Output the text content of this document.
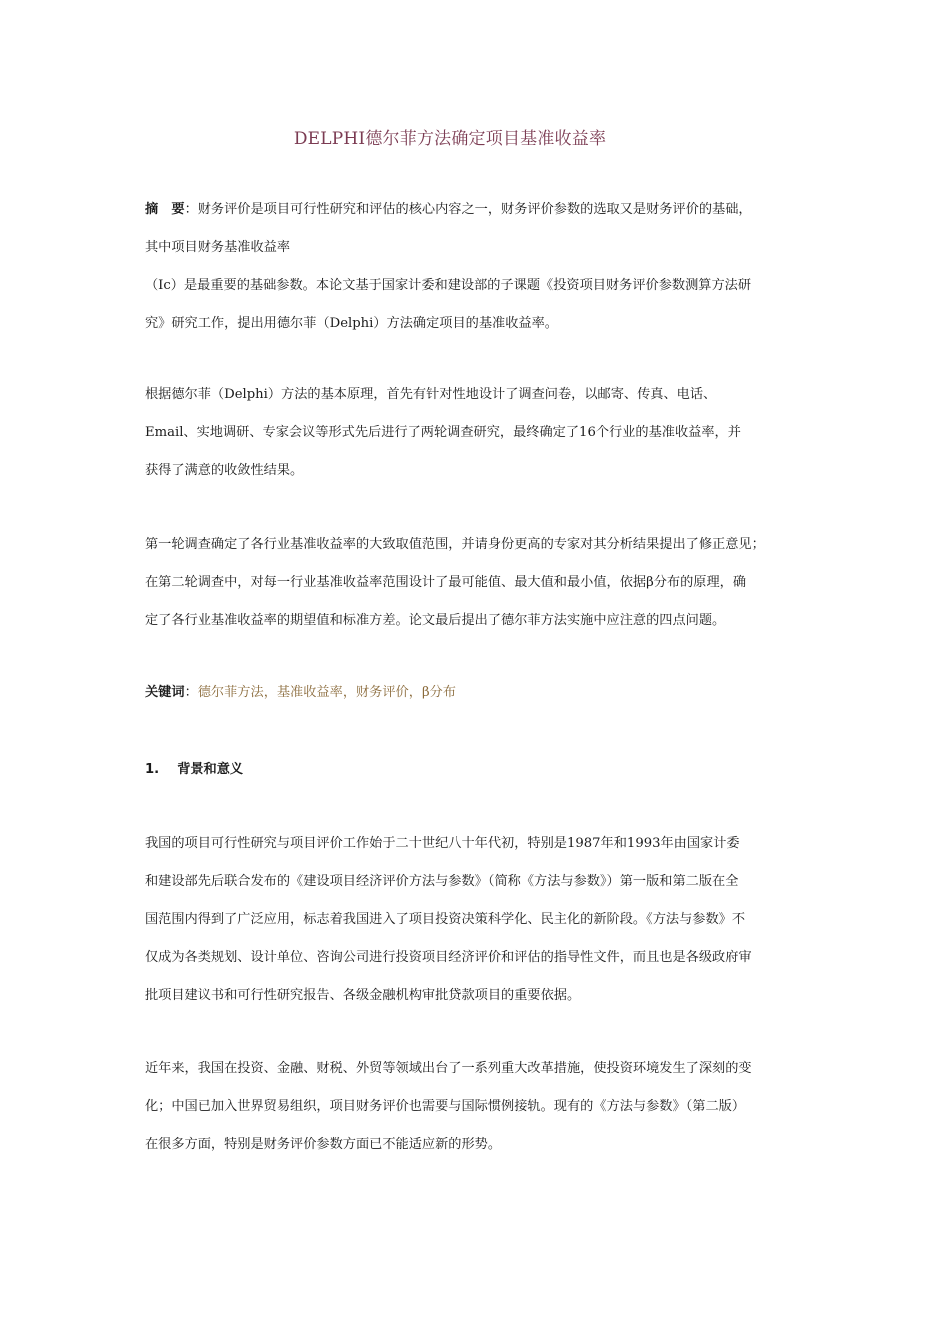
DELPHI德尔菲方法确定项目基准收益率

摘　要：财务评价是项目可行性研究和评估的核心内容之一，财务评价参数的选取又是财务评价的基础，

其中项目财务基准收益率

（Ic）是最重要的基础参数。本论文基于国家计委和建设部的子课题《投资项目财务评价参数测算方法研

究》研究工作，提出用德尔菲（Delphi）方法确定项目的基准收益率。

根据德尔菲（Delphi）方法的基本原理，首先有针对性地设计了调查问卷，以邮寄、传真、电话、

Email、实地调研、专家会议等形式先后进行了两轮调查研究，最终确定了16个行业的基准收益率，并

获得了满意的收敛性结果。

第一轮调查确定了各行业基准收益率的大致取值范围，并请身份更高的专家对其分析结果提出了修正意见；

在第二轮调查中，对每一行业基准收益率范围设计了最可能值、最大值和最小值，依据β分布的原理，确

定了各行业基准收益率的期望值和标准方差。论文最后提出了德尔菲方法实施中应注意的四点问题。

关键词：德尔菲方法，基准收益率，财务评价，β分布

1. 背景和意义

我国的项目可行性研究与项目评价工作始于二十世纪八十年代初，特别是1987年和1993年由国家计委

和建设部先后联合发布的《建设项目经济评价方法与参数》（简称《方法与参数》）第一版和第二版在全

国范围内得到了广泛应用，标志着我国进入了项目投资决策科学化、民主化的新阶段。《方法与参数》不

仅成为各类规划、设计单位、咨询公司进行投资项目经济评价和评估的指导性文件，而且也是各级政府审

批项目建议书和可行性研究报告、各级金融机构审批贷款项目的重要依据。

近年来，我国在投资、金融、财税、外贸等领域出台了一系列重大改革措施，使投资环境发生了深刻的变

化；中国已加入世界贸易组织，项目财务评价也需要与国际惯例接轨。现有的《方法与参数》（第二版）

在很多方面，特别是财务评价参数方面已不能适应新的形势。
